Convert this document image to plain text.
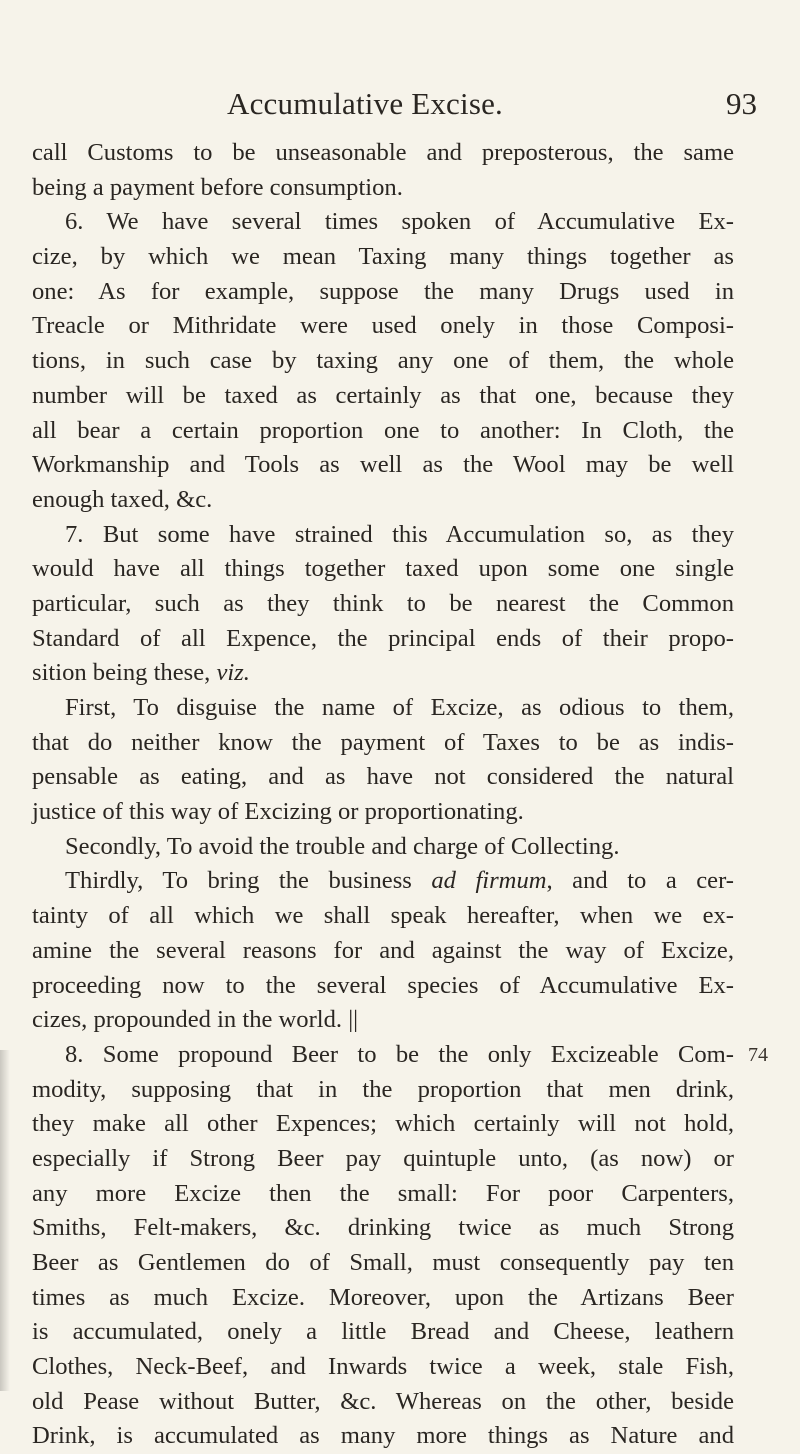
Accumulative Excise.	93
call Customs to be unseasonable and preposterous, the same
being a payment before consumption.
6. We have several times spoken of Accumulative Ex-
cize, by which we mean Taxing many things together as
one: As for example, suppose the many Drugs used in
Treacle or Mithridate were used onely in those Composi-
tions, in such case by taxing any one of them, the whole
number will be taxed as certainly as that one, because they
all bear a certain proportion one to another: In Cloth, the
Workmanship and Tools as well as the Wool may be well
enough taxed, &c.
7. But some have strained this Accumulation so, as they
would have all things together taxed upon some one single
particular, such as they think to be nearest the Common
Standard of all Expence, the principal ends of their propo-
sition being these, viz.
First, To disguise the name of Excize, as odious to them,
that do neither know the payment of Taxes to be as indis-
pensable as eating, and as have not considered the natural
justice of this way of Excizing or proportionating.
Secondly, To avoid the trouble and charge of Collecting.
Thirdly, To bring the business ad firmum, and to a cer-
tainty of all which we shall speak hereafter, when we ex-
amine the several reasons for and against the way of Excize,
proceeding now to the several species of Accumulative Ex-
cizes, propounded in the world. ||
8. Some propound Beer to be the only Excizeable Com-
modity, supposing that in the proportion that men drink,
they make all other Expences; which certainly will not hold,
especially if Strong Beer pay quintuple unto, (as now) or
any more Excize then the small: For poor Carpenters,
Smiths, Felt-makers, &c. drinking twice as much Strong
Beer as Gentlemen do of Small, must consequently pay ten
times as much Excize. Moreover, upon the Artizans Beer
is accumulated, onely a little Bread and Cheese, leathern
Clothes, Neck-Beef, and Inwards twice a week, stale Fish,
old Pease without Butter, &c. Whereas on the other, beside
Drink, is accumulated as many more things as Nature and
74
